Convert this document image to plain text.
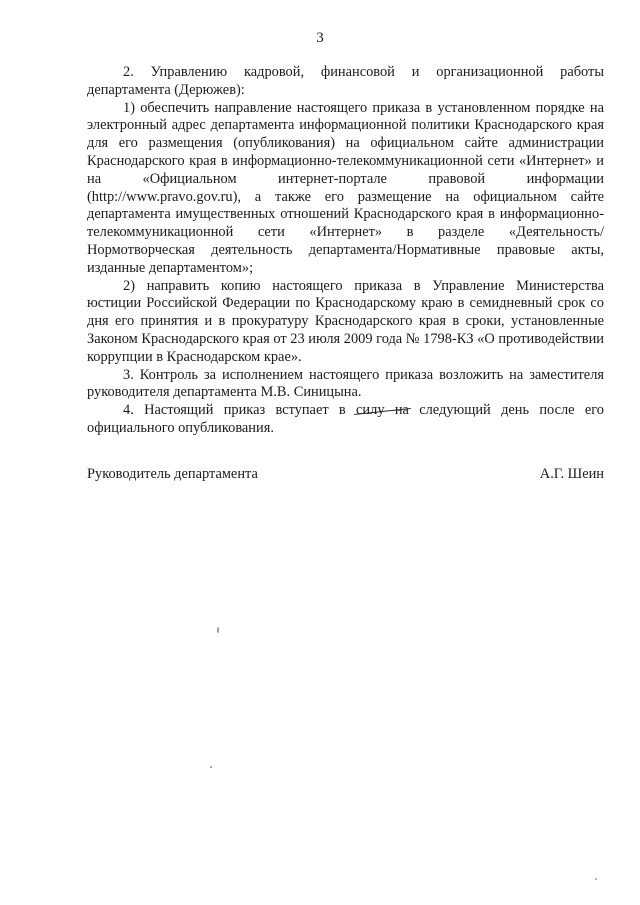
3

2. Управлению кадровой, финансовой и организационной работы департамента (Дерюжев):

1) обеспечить направление настоящего приказа в установленном порядке на электронный адрес департамента информационной политики Краснодарского края для его размещения (опубликования) на официальном сайте администрации Краснодарского края в информационно-телекоммуникационной сети «Интернет» и на «Официальном интернет-портале правовой информации (http://www.pravo.gov.ru), а также его размещение на официальном сайте департамента имущественных отношений Краснодарского края в информационно-телекоммуникационной сети «Интернет» в разделе «Деятельность/Нормотворческая деятельность департамента/Нормативные правовые акты, изданные департаментом»;

2) направить копию настоящего приказа в Управление Министерства юстиции Российской Федерации по Краснодарскому краю в семидневный срок со дня его принятия и в прокуратуру Краснодарского края в сроки, установленные Законом Краснодарского края от 23 июля 2009 года № 1798-КЗ «О противодействии коррупции в Краснодарском крае».

3. Контроль за исполнением настоящего приказа возложить на заместителя руководителя департамента М.В. Синицына.

4. Настоящий приказ вступает в силу на следующий день после его официального опубликования.

Руководитель департамента	А.Г. Шеин
